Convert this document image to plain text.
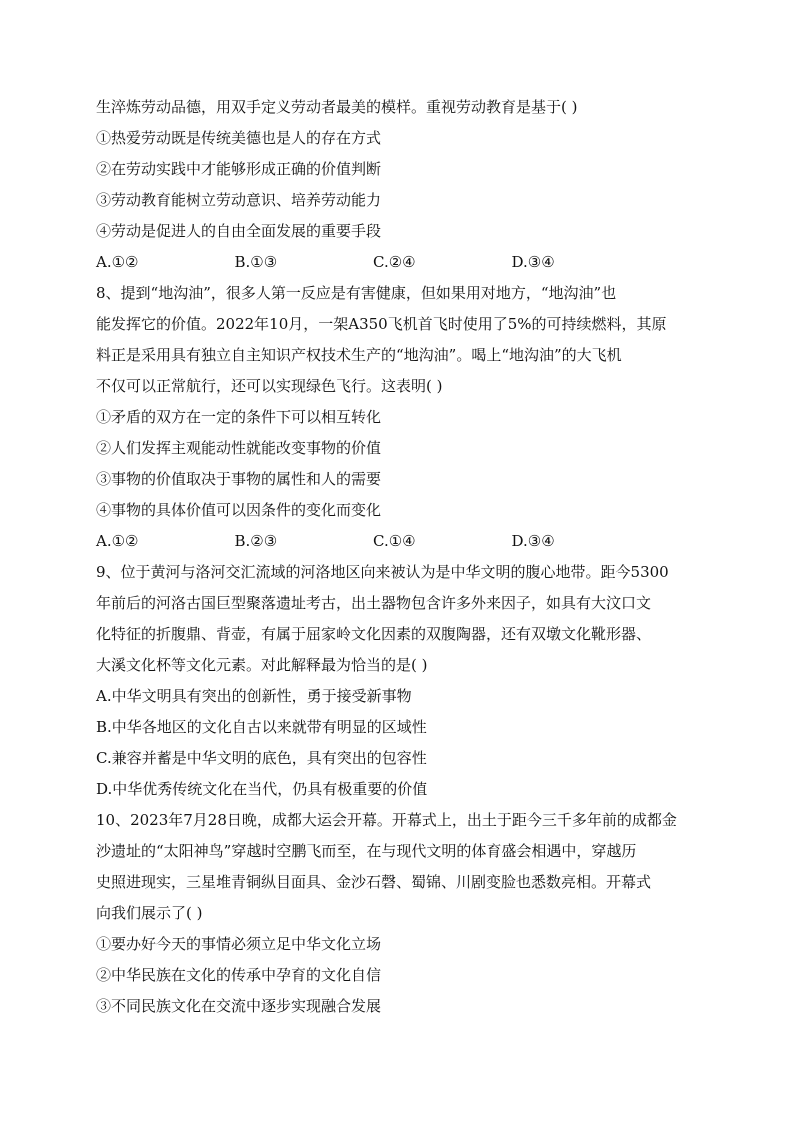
生淬炼劳动品德，用双手定义劳动者最美的模样。重视劳动教育是基于( )
①热爱劳动既是传统美德也是人的存在方式
②在劳动实践中才能够形成正确的价值判断
③劳动教育能树立劳动意识、培养劳动能力
④劳动是促进人的自由全面发展的重要手段
A.①②	B.①③	C.②④	D.③④
8、提到“地沟油”，很多人第一反应是有害健康，但如果用对地方，“地沟油”也
能发挥它的价值。2022年10月，一架A350飞机首飞时使用了5%的可持续燃料，其原
料正是采用具有独立自主知识产权技术生产的“地沟油”。喝上“地沟油”的大飞机
不仅可以正常航行，还可以实现绿色飞行。这表明( )
①矛盾的双方在一定的条件下可以相互转化
②人们发挥主观能动性就能改变事物的价值
③事物的价值取决于事物的属性和人的需要
④事物的具体价值可以因条件的变化而变化
A.①②	B.②③	C.①④	D.③④
9、位于黄河与洛河交汇流域的河洛地区向来被认为是中华文明的腹心地带。距今5300
年前后的河洛古国巨型聚落遗址考古，出土器物包含许多外来因子，如具有大汶口文
化特征的折腹鼎、背壶，有属于屈家岭文化因素的双腹陶器，还有双墩文化靴形器、
大溪文化杯等文化元素。对此解释最为恰当的是( )
A.中华文明具有突出的创新性，勇于接受新事物
B.中华各地区的文化自古以来就带有明显的区域性
C.兼容并蓄是中华文明的底色，具有突出的包容性
D.中华优秀传统文化在当代，仍具有极重要的价值
10、2023年7月28日晚，成都大运会开幕。开幕式上，出土于距今三千多年前的成都金
沙遗址的“太阳神鸟”穿越时空鹏飞而至，在与现代文明的体育盛会相遇中，穿越历
史照进现实，三星堆青铜纵目面具、金沙石磬、蜀锦、川剧变脸也悉数亮相。开幕式
向我们展示了( )
①要办好今天的事情必须立足中华文化立场
②中华民族在文化的传承中孕育的文化自信
③不同民族文化在交流中逐步实现融合发展
